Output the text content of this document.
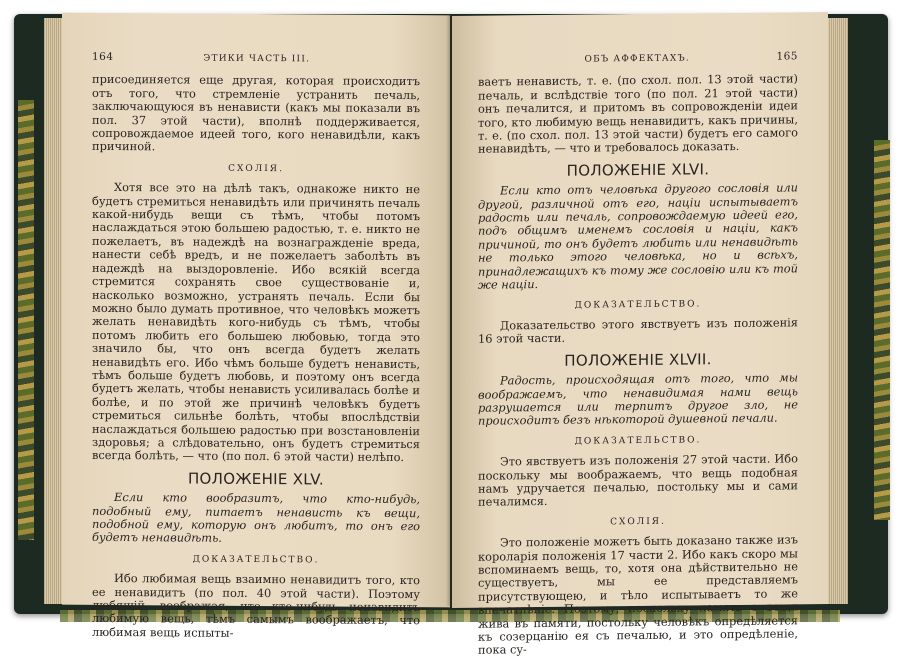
164	ЭТИКИ ЧАСТЬ III.

присоединяется еще другая, которая происходитъ отъ того, что стремленіе устранить печаль, заключающуюся въ ненависти (какъ мы показали въ пол. 37 этой части), вполнѣ поддерживается, сопровождаемое идеей того, кого ненавидѣли, какъ причиной.

СХОЛІЯ.

Хотя все это на дѣлѣ такъ, однакоже никто не будетъ стремиться ненавидѣть или причинять печаль какой-нибудь вещи съ тѣмъ, чтобы потомъ наслаждаться этою большею радостью, т. е. никто не пожелаетъ, въ надеждѣ на вознагражденіе вреда, нанести себѣ вредъ, и не пожелаетъ заболѣть въ надеждѣ на выздоровленіе. Ибо всякій всегда стремится сохранять свое существованіе и, насколько возможно, устранять печаль. Если бы можно было думать противное, что человѣкъ можетъ желать ненавидѣть кого-нибудь съ тѣмъ, чтобы потомъ любить его большею любовью, тогда это значило бы, что онъ всегда будетъ желать ненавидѣть его. Ибо чѣмъ больше будетъ ненависть, тѣмъ больше будетъ любовь, и поэтому онъ всегда будетъ желать, чтобы ненависть усиливалась болѣе и болѣе, и по этой же причинѣ человѣкъ будетъ стремиться сильнѣе болѣть, чтобы впослѣдствіи наслаждаться большею радостью при возстановленіи здоровья; а слѣдовательно, онъ будетъ стремиться всегда болѣть, — что (по пол. 6 этой части) нелѣпо.

ПОЛОЖЕНІЕ XLV.

Если кто вообразитъ, что кто-нибудь, подобный ему, питаетъ ненависть къ вещи, подобной ему, которую онъ любитъ, то онъ его будетъ ненавидѣть.

ДОКАЗАТЕЛЬСТВО.

Ибо любимая вещь взаимно ненавидитъ того, кто ее ненавидитъ (по пол. 40 этой части). Поэтому любящій, воображая, что кто-нибудь ненавидитъ любимую вещь, тѣмъ самымъ воображаетъ, что любимая вещь испыты-

ОБЪ АФФЕКТАХЪ.	165

ваетъ ненависть, т. е. (по схол. пол. 13 этой части) печаль, и вслѣдствіе того (по пол. 21 этой части) онъ печалится, и притомъ въ сопровожденіи идеи того, кто любимую вещь ненавидитъ, какъ причины, т. е. (по схол. пол. 13 этой части) будетъ его самого ненавидѣть, — что и требовалось доказать.

ПОЛОЖЕНІЕ XLVI.

Если кто отъ человѣка другого сословія или другой, различной отъ его, націи испытываетъ радость или печаль, сопровождаемую идеей его, подъ общимъ именемъ сословія и націи, какъ причиной, то онъ будетъ любить или ненавидѣть не только этого человѣка, но и всѣхъ, принадлежащихъ къ тому же сословію или къ той же націи.

ДОКАЗАТЕЛЬСТВО.

Доказательство этого явствуетъ изъ положенія 16 этой части.

ПОЛОЖЕНІЕ XLVII.

Радость, происходящая отъ того, что мы воображаемъ, что ненавидимая нами вещь разрушается или терпитъ другое зло, не происходитъ безъ нѣкоторой душевной печали.

ДОКАЗАТЕЛЬСТВО.

Это явствуетъ изъ положенія 27 этой части. Ибо поскольку мы воображаемъ, что вещь подобная намъ удручается печалью, постольку мы и сами печалимся.

СХОЛІЯ.

Это положеніе можетъ быть доказано также изъ короларія положенія 17 части 2. Ибо какъ скоро мы вспоминаемъ вещь, то, хотя она дѣйствительно не существуетъ, мы ее представляемъ присутствующею, и тѣло испытываетъ то же впечатлѣніе. Поэтому, поскольку память о вещи жива въ памяти, постольку человѣкъ опредѣляется къ созерцанію ея съ печалью, и это опредѣленіе, пока су-
